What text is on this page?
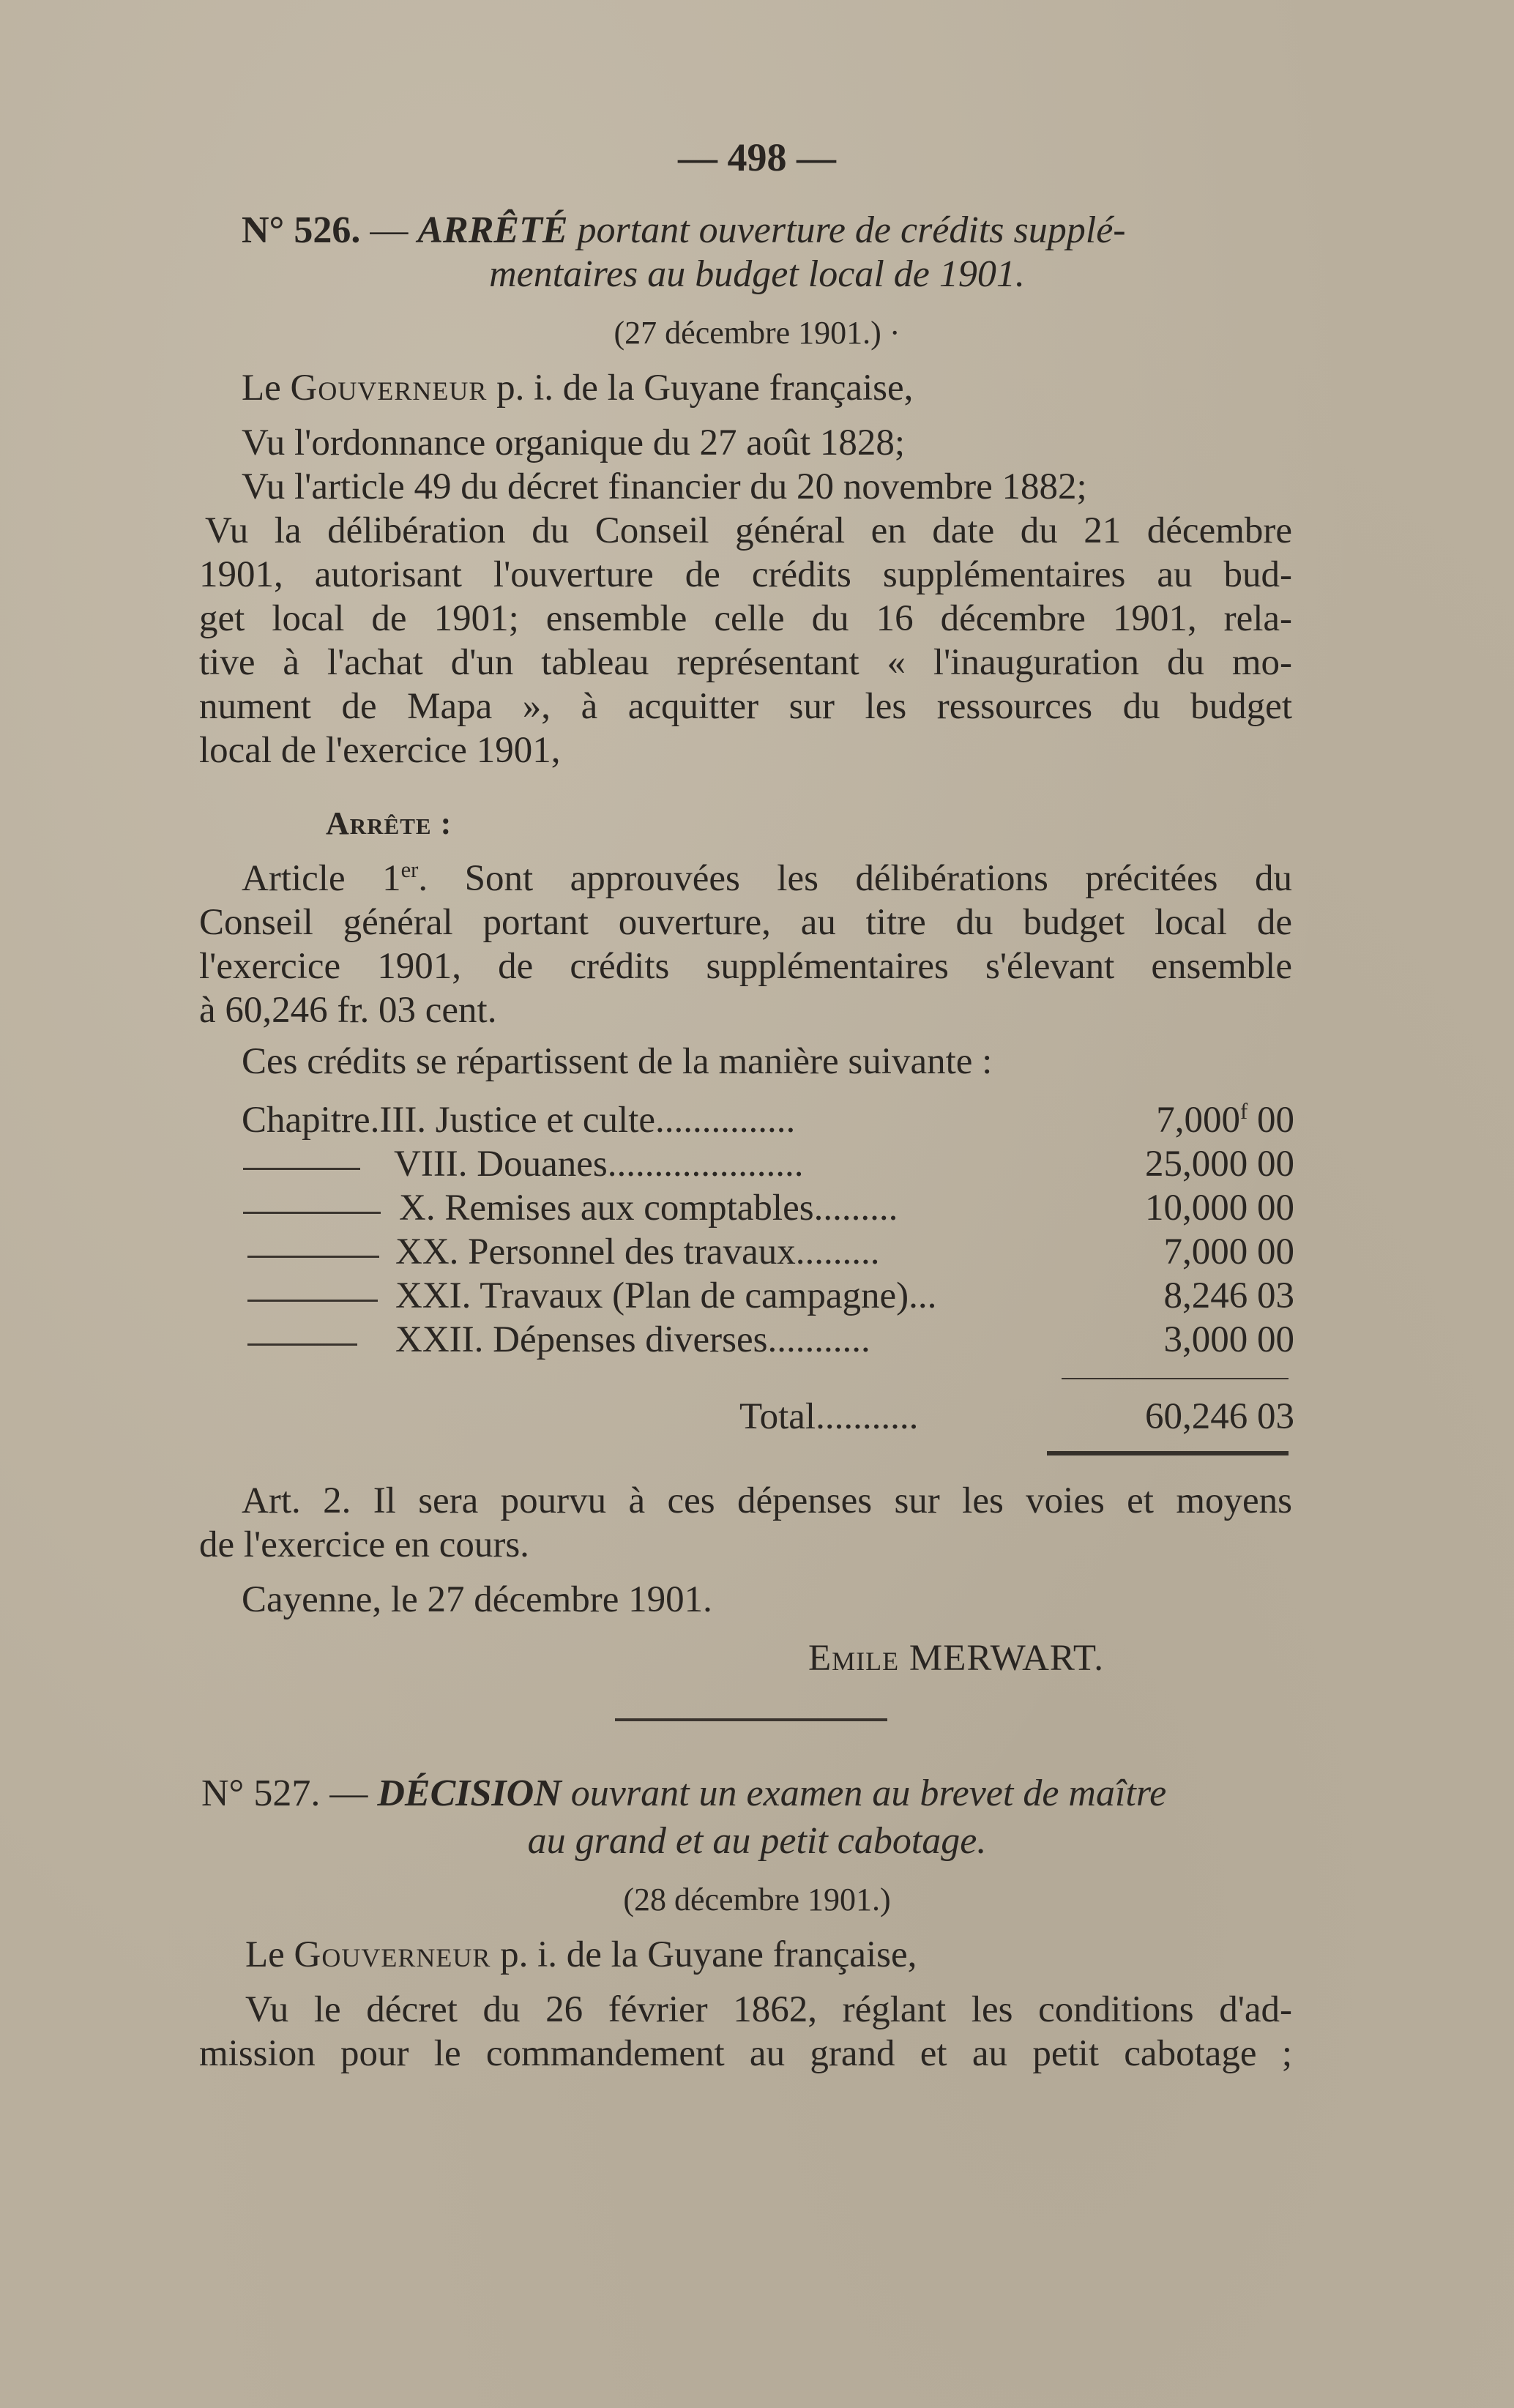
— 498 —
N° 526. — ARRÊTÉ portant ouverture de crédits supplé-
mentaires au budget local de 1901.
(27 décembre 1901.) ·
Le Gouverneur p. i. de la Guyane française,
Vu l'ordonnance organique du 27 août 1828;
Vu l'article 49 du décret financier du 20 novembre 1882;
Vu la délibération du Conseil général en date du 21 décembre
1901, autorisant l'ouverture de crédits supplémentaires au bud-
get local de 1901; ensemble celle du 16 décembre 1901, rela-
tive à l'achat d'un tableau représentant « l'inauguration du mo-
nument de Mapa », à acquitter sur les ressources du budget
local de l'exercice 1901,
Arrête :
Article 1er. Sont approuvées les délibérations précitées du
Conseil général portant ouverture, au titre du budget local de
l'exercice 1901, de crédits supplémentaires s'élevant ensemble
à 60,246 fr. 03 cent.
Ces crédits se répartissent de la manière suivante :
Chapitre.III. Justice et culte...............	7,000$^f$ 00
VIII. Douanes.....................	25,000 00
X. Remises aux comptables.........	10,000 00
XX. Personnel des travaux.........	7,000 00
XXI. Travaux (Plan de campagne)...	8,246 03
XXII. Dépenses diverses...........	3,000 00
Total...........	60,246 03
Art. 2. Il sera pourvu à ces dépenses sur les voies et moyens
de l'exercice en cours.
Cayenne, le 27 décembre 1901.
Emile MERWART.
N° 527. — DÉCISION ouvrant un examen au brevet de maître
au grand et au petit cabotage.
(28 décembre 1901.)
Le Gouverneur p. i. de la Guyane française,
Vu le décret du 26 février 1862, réglant les conditions d'ad-
mission pour le commandement au grand et au petit cabotage ;
